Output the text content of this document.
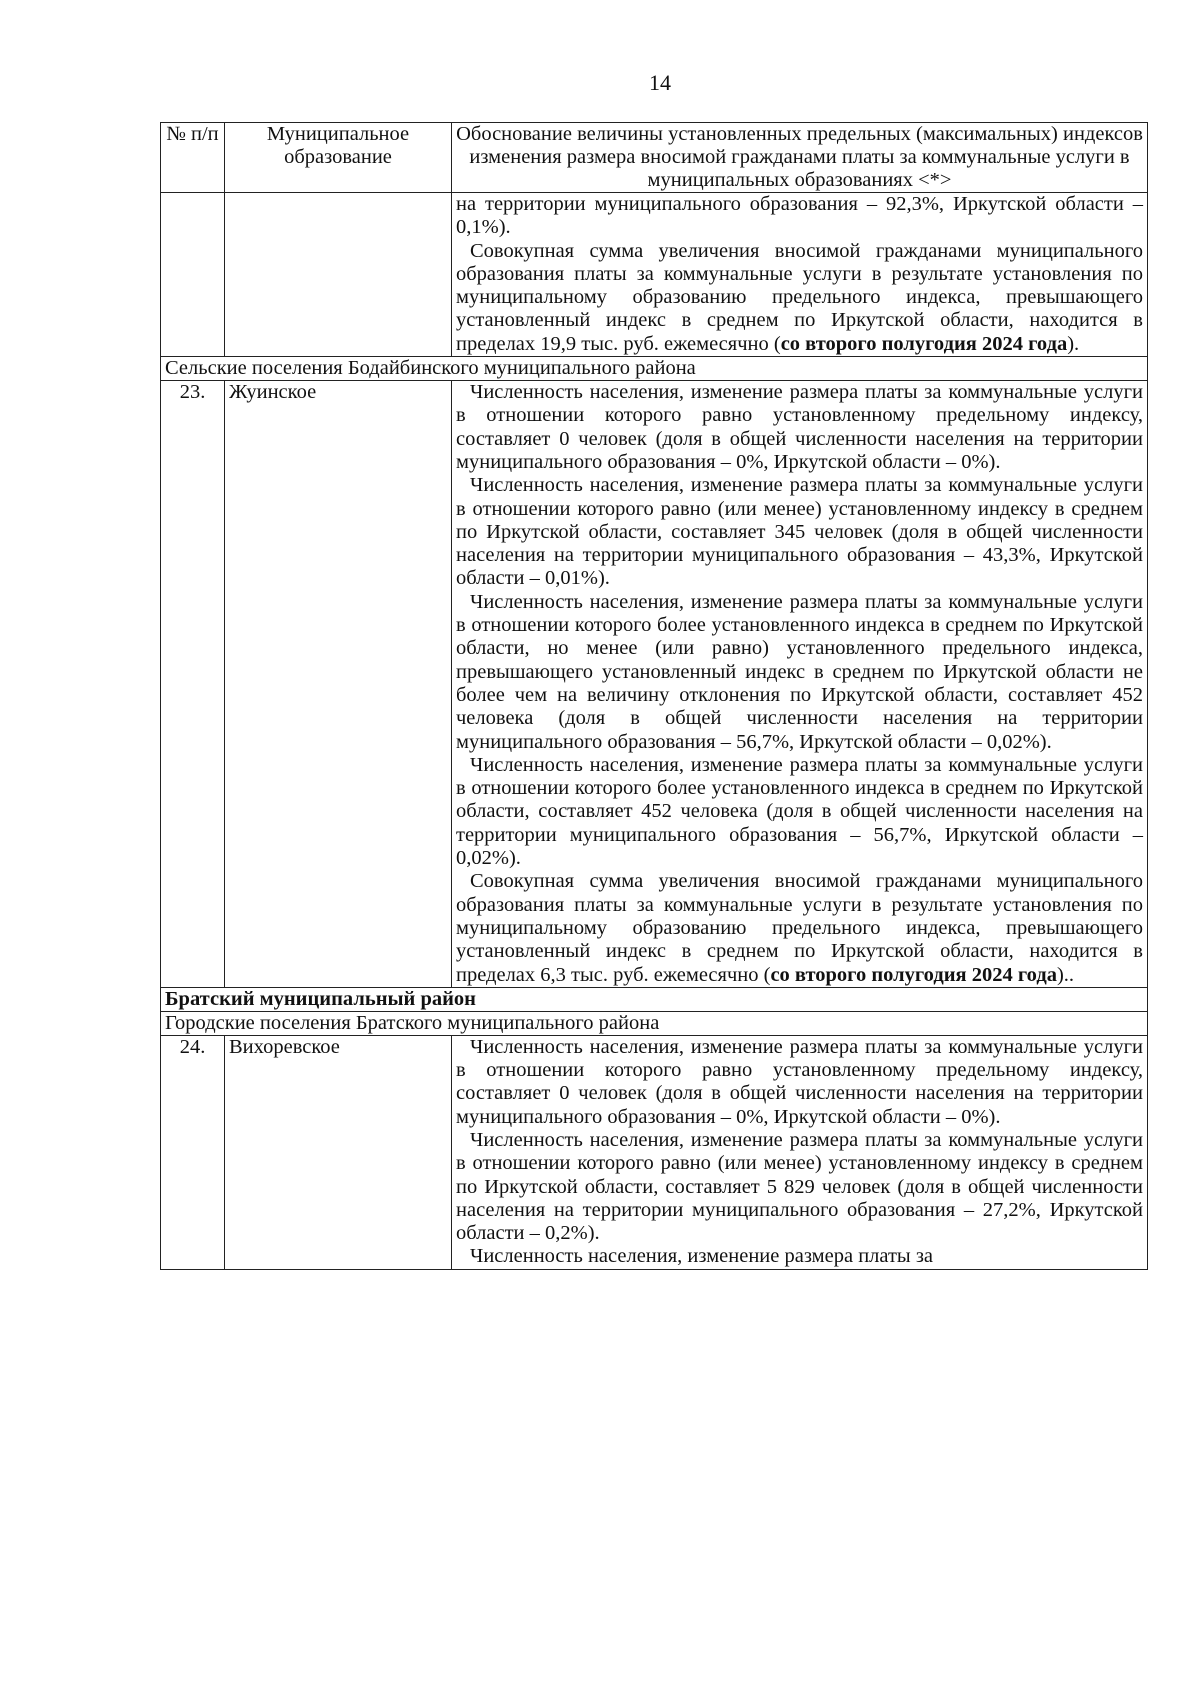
14
№ п/п	Муниципальное образование	Обоснование величины установленных предельных (максимальных) индексов изменения размера вносимой гражданами платы за коммунальные услуги в муниципальных образованиях <*>

		на территории муниципального образования – 92,3%, Иркутской области – 0,1%).

Совокупная сумма увеличения вносимой гражданами муниципального образования платы за коммунальные услуги в результате установления по муниципальному образованию предельного индекса, превышающего установленный индекс в среднем по Иркутской области, находится в пределах 19,9 тыс. руб. ежемесячно (со второго полугодия 2024 года).

Сельские поселения Бодайбинского муниципального района		
23.	Жуинское	Численность населения, изменение размера платы за коммунальные услуги в отношении которого равно установленному предельному индексу, составляет 0 человек (доля в общей численности населения на территории муниципального образования – 0%, Иркутской области – 0%).

Численность населения, изменение размера платы за коммунальные услуги в отношении которого равно (или менее) установленному индексу в среднем по Иркутской области, составляет 345 человек (доля в общей численности населения на территории муниципального образования – 43,3%, Иркутской области – 0,01%).

Численность населения, изменение размера платы за коммунальные услуги в отношении которого более установленного индекса в среднем по Иркутской области, но менее (или равно) установленного предельного индекса, превышающего установленный индекс в среднем по Иркутской области не более чем на величину отклонения по Иркутской области, составляет 452 человека (доля в общей численности населения на территории муниципального образования – 56,7%, Иркутской области – 0,02%).

Численность населения, изменение размера платы за коммунальные услуги в отношении которого более установленного индекса в среднем по Иркутской области, составляет 452 человека (доля в общей численности населения на территории муниципального образования – 56,7%, Иркутской области – 0,02%).

Совокупная сумма увеличения вносимой гражданами муниципального образования платы за коммунальные услуги в результате установления по муниципальному образованию предельного индекса, превышающего установленный индекс в среднем по Иркутской области, находится в пределах 6,3 тыс. руб. ежемесячно (со второго полугодия 2024 года)..

Братский муниципальный район		
Городские поселения Братского муниципального района		
24.	Вихоревское	Численность населения, изменение размера платы за коммунальные услуги в отношении которого равно установленному предельному индексу, составляет 0 человек (доля в общей численности населения на территории муниципального образования – 0%, Иркутской области – 0%).

Численность населения, изменение размера платы за коммунальные услуги в отношении которого равно (или менее) установленному индексу в среднем по Иркутской области, составляет 5 829 человек (доля в общей численности населения на территории муниципального образования – 27,2%, Иркутской области – 0,2%).

Численность населения, изменение размера платы за
